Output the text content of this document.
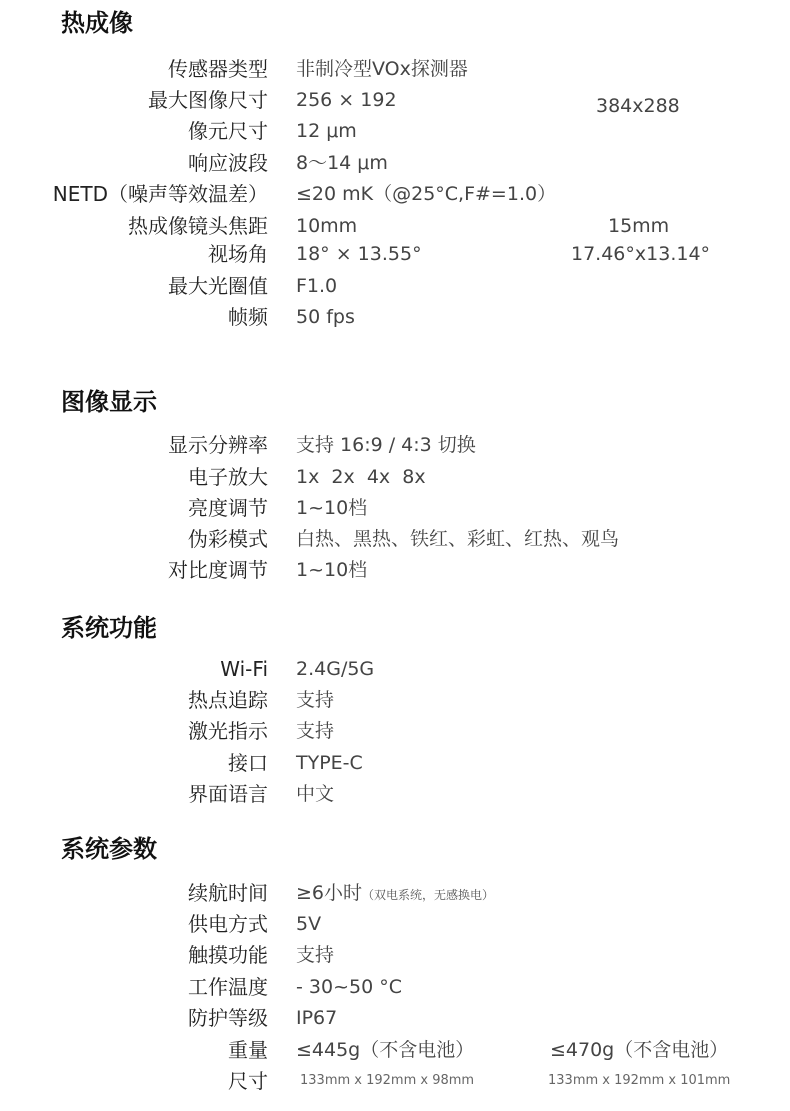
热成像
传感器类型 非制冷型VOx探测器
最大图像尺寸 256 × 192	384x288
像元尺寸 12 μm
响应波段 8～14 μm
NETD（噪声等效温差） ≤20 mK（@25°C,F#=1.0）
热成像镜头焦距 10mm	15mm
视场角 18° × 13.55°	17.46°x13.14°
最大光圈值 F1.0
帧频 50 fps
图像显示
显示分辨率 支持 16:9 / 4:3 切换
电子放大 1x  2x  4x  8x
亮度调节 1~10档
伪彩模式 白热、黑热、铁红、彩虹、红热、观鸟
对比度调节 1~10档
系统功能
Wi-Fi 2.4G/5G
热点追踪 支持
激光指示 支持
接口 TYPE-C
界面语言 中文
系统参数
续航时间 ≥6小时（双电系统，无感换电）
供电方式 5V
触摸功能 支持
工作温度 - 30~50 °C
防护等级 IP67
重量 ≤445g（不含电池）	≤470g（不含电池）
尺寸 133mm x 192mm x 98mm	133mm x 192mm x 101mm
